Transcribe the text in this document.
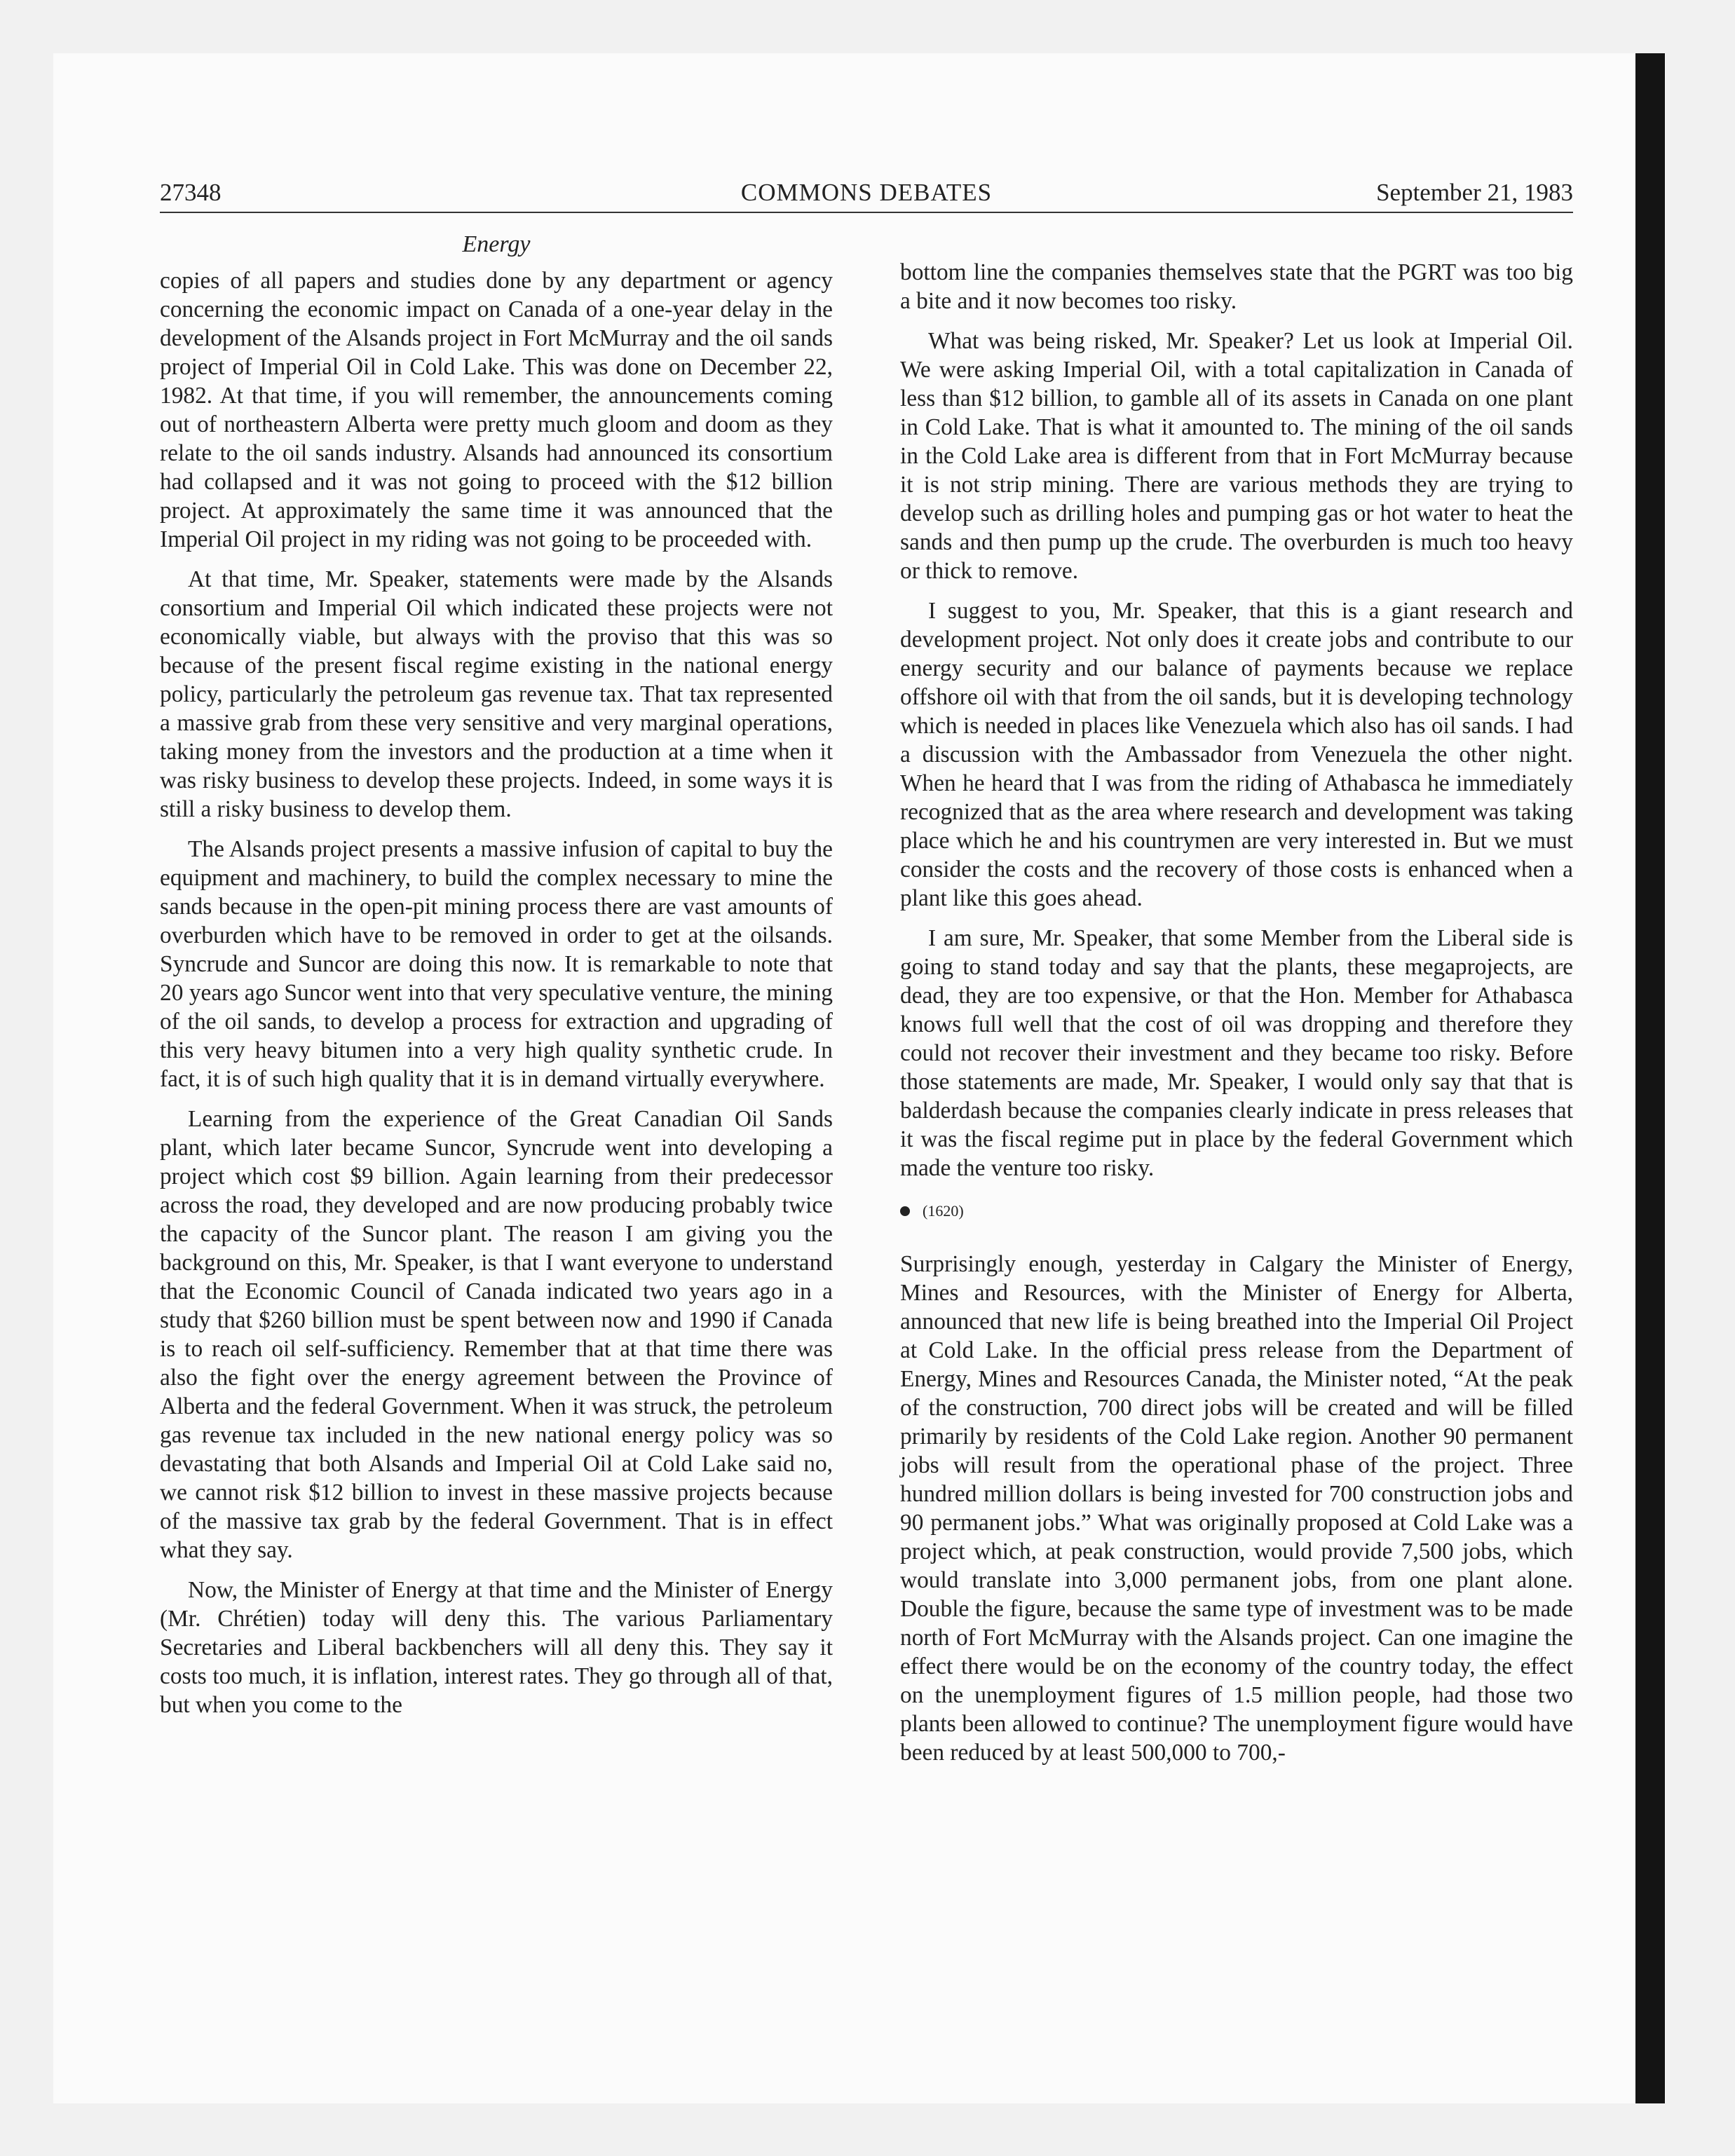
27348	COMMONS DEBATES	September 21, 1983
Energy

copies of all papers and studies done by any department or agency concerning the economic impact on Canada of a one-year delay in the development of the Alsands project in Fort McMurray and the oil sands project of Imperial Oil in Cold Lake. This was done on December 22, 1982. At that time, if you will remember, the announcements coming out of northeastern Alberta were pretty much gloom and doom as they relate to the oil sands industry. Alsands had announced its consortium had collapsed and it was not going to proceed with the $12 billion project. At approximately the same time it was announced that the Imperial Oil project in my riding was not going to be proceeded with.

At that time, Mr. Speaker, statements were made by the Alsands consortium and Imperial Oil which indicated these projects were not economically viable, but always with the proviso that this was so because of the present fiscal regime existing in the national energy policy, particularly the petroleum gas revenue tax. That tax represented a massive grab from these very sensitive and very marginal operations, taking money from the investors and the production at a time when it was risky business to develop these projects. Indeed, in some ways it is still a risky business to develop them.

The Alsands project presents a massive infusion of capital to buy the equipment and machinery, to build the complex necessary to mine the sands because in the open-pit mining process there are vast amounts of overburden which have to be removed in order to get at the oilsands. Syncrude and Suncor are doing this now. It is remarkable to note that 20 years ago Suncor went into that very speculative venture, the mining of the oil sands, to develop a process for extraction and upgrading of this very heavy bitumen into a very high quality synthetic crude. In fact, it is of such high quality that it is in demand virtually everywhere.

Learning from the experience of the Great Canadian Oil Sands plant, which later became Suncor, Syncrude went into developing a project which cost $9 billion. Again learning from their predecessor across the road, they developed and are now producing probably twice the capacity of the Suncor plant. The reason I am giving you the background on this, Mr. Speaker, is that I want everyone to understand that the Economic Council of Canada indicated two years ago in a study that $260 billion must be spent between now and 1990 if Canada is to reach oil self-sufficiency. Remember that at that time there was also the fight over the energy agreement between the Province of Alberta and the federal Government. When it was struck, the petroleum gas revenue tax included in the new national energy policy was so devastating that both Alsands and Imperial Oil at Cold Lake said no, we cannot risk $12 billion to invest in these massive projects because of the massive tax grab by the federal Government. That is in effect what they say.

Now, the Minister of Energy at that time and the Minister of Energy (Mr. Chrétien) today will deny this. The various Parliamentary Secretaries and Liberal backbenchers will all deny this. They say it costs too much, it is inflation, interest rates. They go through all of that, but when you come to the

bottom line the companies themselves state that the PGRT was too big a bite and it now becomes too risky.

What was being risked, Mr. Speaker? Let us look at Imperial Oil. We were asking Imperial Oil, with a total capitalization in Canada of less than $12 billion, to gamble all of its assets in Canada on one plant in Cold Lake. That is what it amounted to. The mining of the oil sands in the Cold Lake area is different from that in Fort McMurray because it is not strip mining. There are various methods they are trying to develop such as drilling holes and pumping gas or hot water to heat the sands and then pump up the crude. The overburden is much too heavy or thick to remove.

I suggest to you, Mr. Speaker, that this is a giant research and development project. Not only does it create jobs and contribute to our energy security and our balance of payments because we replace offshore oil with that from the oil sands, but it is developing technology which is needed in places like Venezuela which also has oil sands. I had a discussion with the Ambassador from Venezuela the other night. When he heard that I was from the riding of Athabasca he immediately recognized that as the area where research and development was taking place which he and his countrymen are very interested in. But we must consider the costs and the recovery of those costs is enhanced when a plant like this goes ahead.

I am sure, Mr. Speaker, that some Member from the Liberal side is going to stand today and say that the plants, these megaprojects, are dead, they are too expensive, or that the Hon. Member for Athabasca knows full well that the cost of oil was dropping and therefore they could not recover their investment and they became too risky. Before those statements are made, Mr. Speaker, I would only say that that is balderdash because the companies clearly indicate in press releases that it was the fiscal regime put in place by the federal Government which made the venture too risky.

(1620)

Surprisingly enough, yesterday in Calgary the Minister of Energy, Mines and Resources, with the Minister of Energy for Alberta, announced that new life is being breathed into the Imperial Oil Project at Cold Lake. In the official press release from the Department of Energy, Mines and Resources Canada, the Minister noted, “At the peak of the construction, 700 direct jobs will be created and will be filled primarily by residents of the Cold Lake region. Another 90 permanent jobs will result from the operational phase of the project. Three hundred million dollars is being invested for 700 construction jobs and 90 permanent jobs.” What was originally proposed at Cold Lake was a project which, at peak construction, would provide 7,500 jobs, which would translate into 3,000 permanent jobs, from one plant alone. Double the figure, because the same type of investment was to be made north of Fort McMurray with the Alsands project. Can one imagine the effect there would be on the economy of the country today, the effect on the unemployment figures of 1.5 million people, had those two plants been allowed to continue? The unemployment figure would have been reduced by at least 500,000 to 700,-
